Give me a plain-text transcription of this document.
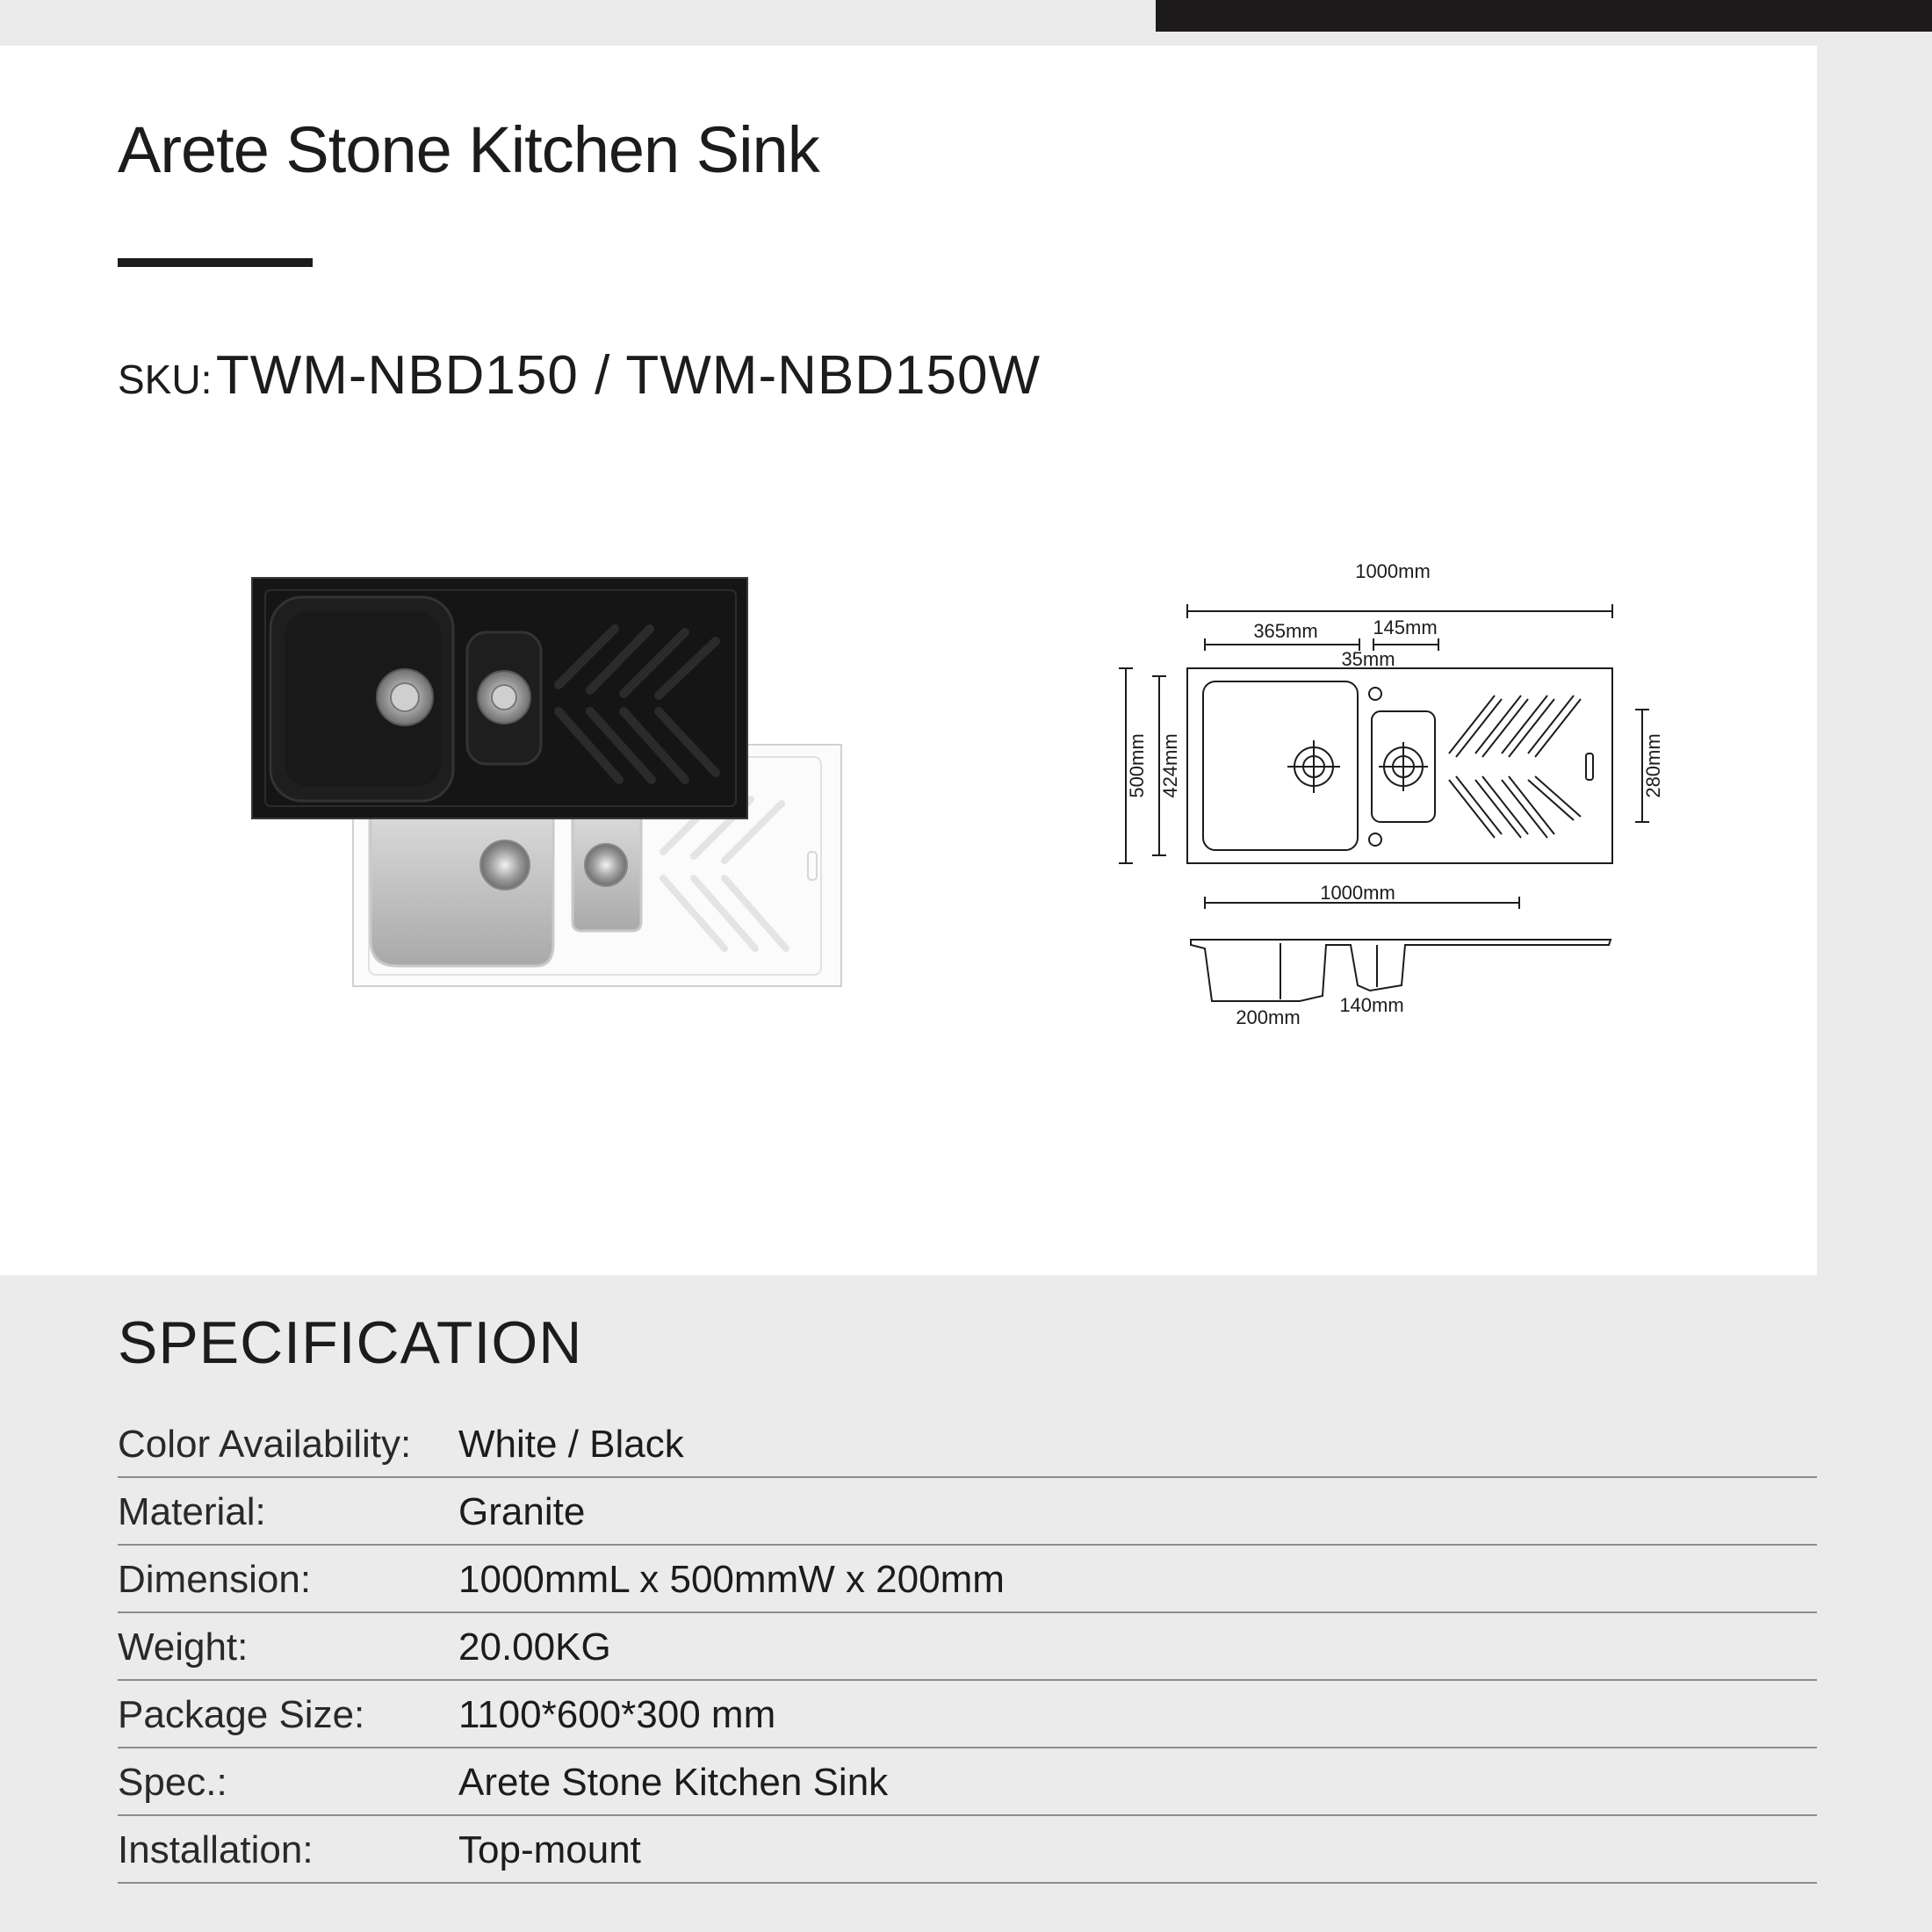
Arete Stone Kitchen Sink
SKU: TWM-NBD150 / TWM-NBD150W
1000mm
365mm	145mm
35mm
500mm 424mm	280mm
1000mm
200mm
140mm
SPECIFICATION
Color Availability: White / Black
Material:	Granite
Dimension:	1000mmL x 500mmW x 200mm
Weight:	20.00KG
Package Size: 1100*600*300 mm
Spec.:	Arete Stone Kitchen Sink
Installation:	Top-mount
